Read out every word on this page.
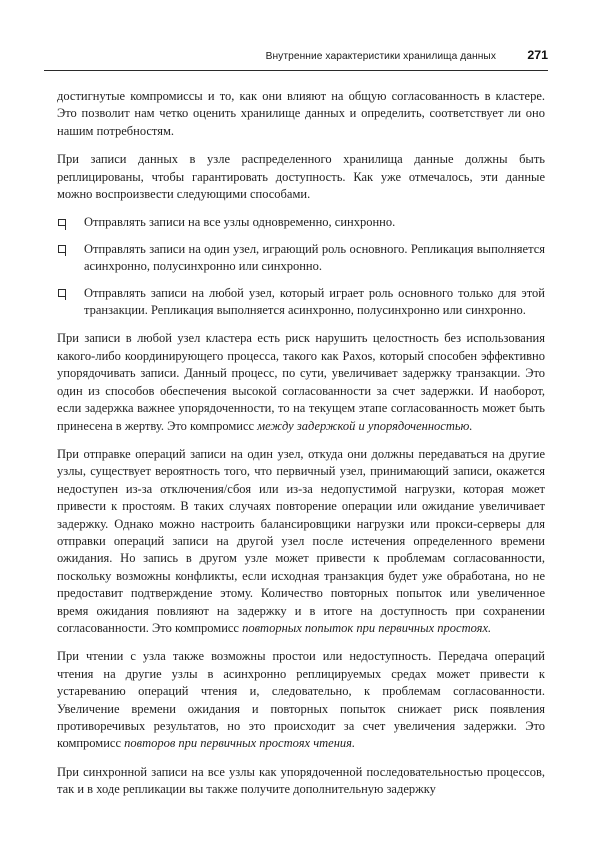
Внутренние характеристики хранилища данных	271

достигнутые компромиссы и то, как они влияют на общую согласованность в кластере. Это позволит нам четко оценить хранилище данных и определить, соответствует ли оно нашим потребностям.

При записи данных в узле распределенного хранилища данные должны быть реплицированы, чтобы гарантировать доступность. Как уже отмечалось, эти данные можно воспроизвести следующими способами.

Отправлять записи на все узлы одновременно, синхронно.
Отправлять записи на один узел, играющий роль основного. Репликация выполняется асинхронно, полусинхронно или синхронно.
Отправлять записи на любой узел, который играет роль основного только для этой транзакции. Репликация выполняется асинхронно, полусинхронно или синхронно.

При записи в любой узел кластера есть риск нарушить целостность без использования какого-либо координирующего процесса, такого как Paxos, который способен эффективно упорядочивать записи. Данный процесс, по сути, увеличивает задержку транзакции. Это один из способов обеспечения высокой согласованности за счет задержки. И наоборот, если задержка важнее упорядоченности, то на текущем этапе согласованность может быть принесена в жертву. Это компромисс между задержкой и упорядоченностью.

При отправке операций записи на один узел, откуда они должны передаваться на другие узлы, существует вероятность того, что первичный узел, принимающий записи, окажется недоступен из-за отключения/сбоя или из-за недопустимой нагрузки, которая может привести к простоям. В таких случаях повторение операции или ожидание увеличивает задержку. Однако можно настроить балансировщики нагрузки или прокси-серверы для отправки операций записи на другой узел после истечения определенного времени ожидания. Но запись в другом узле может привести к проблемам согласованности, поскольку возможны конфликты, если исходная транзакция будет уже обработана, но не предоставит подтверждение этому. Количество повторных попыток или увеличенное время ожидания повлияют на задержку и в итоге на доступность при сохранении согласованности. Это компромисс повторных попыток при первичных простоях.

При чтении с узла также возможны простои или недоступность. Передача операций чтения на другие узлы в асинхронно реплицируемых средах может привести к устареванию операций чтения и, следовательно, к проблемам согласованности. Увеличение времени ожидания и повторных попыток снижает риск появления противоречивых результатов, но это происходит за счет увеличения задержки. Это компромисс повторов при первичных простоях чтения.

При синхронной записи на все узлы как упорядоченной последовательностью процессов, так и в ходе репликации вы также получите дополнительную задержку
